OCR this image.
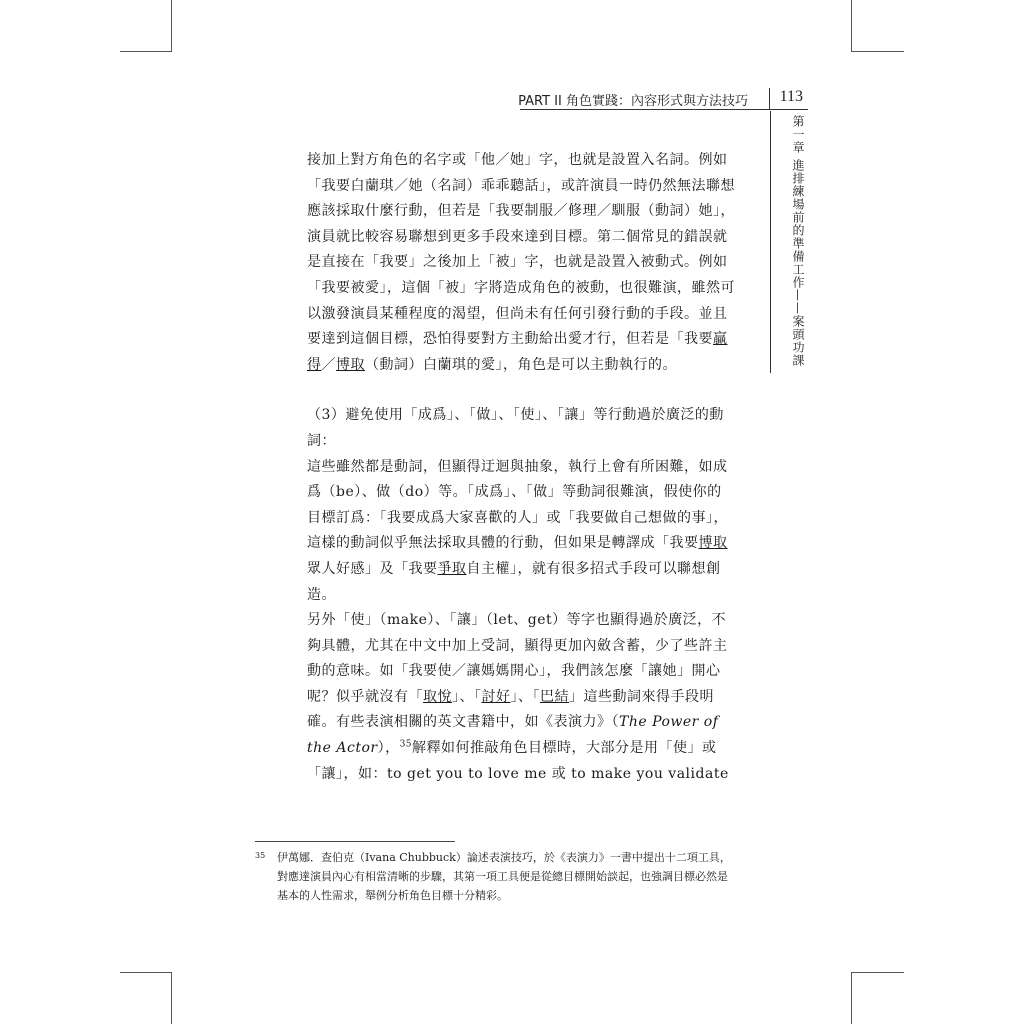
PART II 角色實踐：內容形式與方法技巧 113
第一章 進排練場前的準備工作——案頭功課

接加上對方角色的名字或「他／她」字，也就是設置入名詞。例如「我要白蘭琪／她（名詞）乖乖聽話」，或許演員一時仍然無法聯想應該採取什麼行動，但若是「我要制服／修理／馴服（動詞）她」，演員就比較容易聯想到更多手段來達到目標。第二個常見的錯誤就是直接在「我要」之後加上「被」字，也就是設置入被動式。例如「我要被愛」，這個「被」字將造成角色的被動，也很難演，雖然可以激發演員某種程度的渴望，但尚未有任何引發行動的手段。並且要達到這個目標，恐怕得要對方主動給出愛才行，但若是「我要贏得／博取（動詞）白蘭琪的愛」，角色是可以主動執行的。

（3）避免使用「成爲」、「做」、「使」、「讓」等行動過於廣泛的動詞：

這些雖然都是動詞，但顯得迂迴與抽象，執行上會有所困難，如成爲（be）、做（do）等。「成爲」、「做」等動詞很難演，假使你的目標訂爲：「我要成爲大家喜歡的人」或「我要做自己想做的事」，這樣的動詞似乎無法採取具體的行動，但如果是轉譯成「我要博取眾人好感」及「我要爭取自主權」，就有很多招式手段可以聯想創造。

另外「使」（make）、「讓」（let、get）等字也顯得過於廣泛，不夠具體，尤其在中文中加上受詞，顯得更加內斂含蓄，少了些許主動的意味。如「我要使／讓媽媽開心」，我們該怎麼「讓她」開心呢？似乎就沒有「取悅」、「討好」、「巴結」這些動詞來得手段明確。有些表演相關的英文書籍中，如《表演力》（The Power of the Actor），$^{35}$解釋如何推敲角色目標時，大部分是用「使」或「讓」，如：to get you to love me 或 to make you validate

35 伊萬娜．查伯克（Ivana Chubbuck）論述表演技巧，於《表演力》一書中提出十二項工具，對應達演員內心有相當清晰的步驟，其第一項工具便是從總目標開始談起，也強調目標必然是基本的人性需求，舉例分析角色目標十分精彩。
